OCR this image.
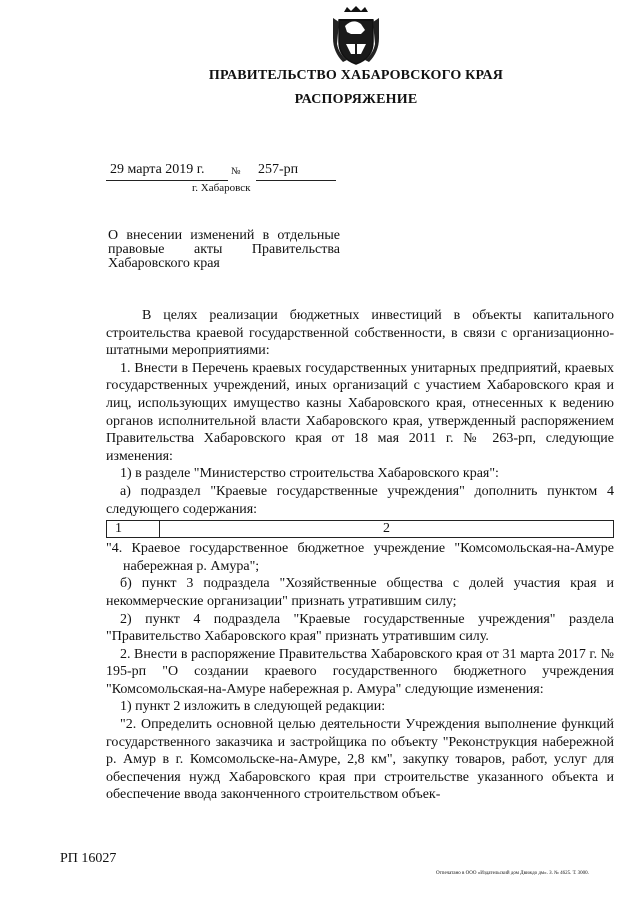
ПРАВИТЕЛЬСТВО ХАБАРОВСКОГО КРАЯ
РАСПОРЯЖЕНИЕ
29 марта 2019 г.	№ 257-рп
г. Хабаровск
О внесении изменений в отдельные правовые акты Правительства Хабаровского края
В целях реализации бюджетных инвестиций в объекты капитального строительства краевой государственной собственности, в связи с организационно-штатными мероприятиями:
1. Внести в Перечень краевых государственных унитарных предприятий, краевых государственных учреждений, иных организаций с участием Хабаровского края и лиц, использующих имущество казны Хабаровского края, отнесенных к ведению органов исполнительной власти Хабаровского края, утвержденный распоряжением Правительства Хабаровского края от 18 мая 2011 г. № 263-рп, следующие изменения:
1) в разделе "Министерство строительства Хабаровского края":
а) подраздел "Краевые государственные учреждения" дополнить пунктом 4 следующего содержания:
1	2
"4. Краевое государственное бюджетное учреждение "Комсомольская-на-Амуре набережная р. Амура";
б) пункт 3 подраздела "Хозяйственные общества с долей участия края и некоммерческие организации" признать утратившим силу;
2) пункт 4 подраздела "Краевые государственные учреждения" раздела "Правительство Хабаровского края" признать утратившим силу.
2. Внести в распоряжение Правительства Хабаровского края от 31 марта 2017 г. № 195-рп "О создании краевого государственного бюджетного учреждения "Комсомольская-на-Амуре набережная р. Амура" следующие изменения:
1) пункт 2 изложить в следующей редакции:
"2. Определить основной целью деятельности Учреждения выполнение функций государственного заказчика и застройщика по объекту "Реконструкция набережной р. Амур в г. Комсомольске-на-Амуре, 2,8 км", закупку товаров, работ, услуг для обеспечения нужд Хабаровского края при строительстве указанного объекта и обеспечение ввода законченного строительством объек-
РП 16027
Отпечатано в ООО «Издательский дом Движдо дм». З. № 4625. Т. 3000.
